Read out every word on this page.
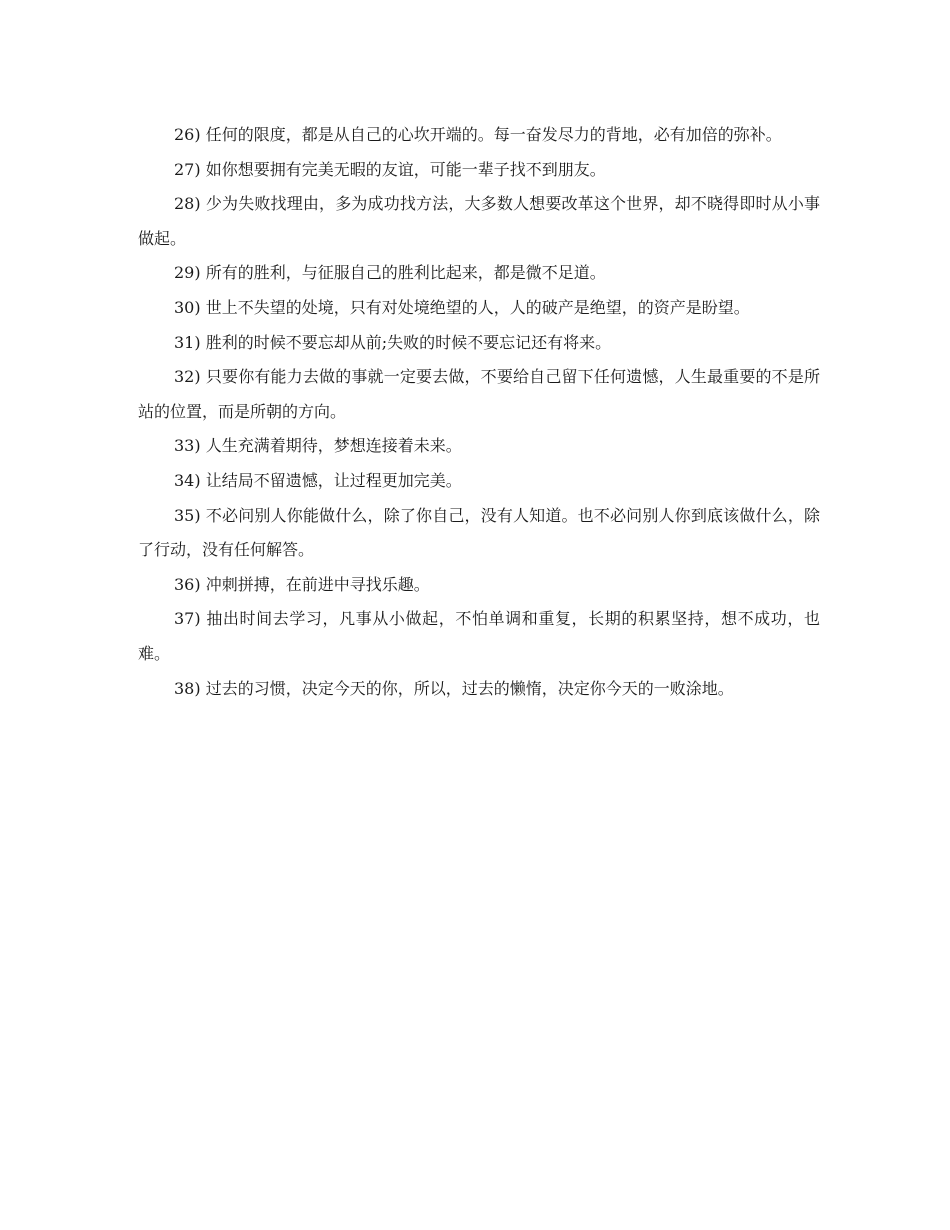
26) 任何的限度，都是从自己的心坎开端的。每一奋发尽力的背地，必有加倍的弥补。

27) 如你想要拥有完美无暇的友谊，可能一辈子找不到朋友。

28) 少为失败找理由，多为成功找方法，大多数人想要改革这个世界，却不晓得即时从小事做起。

29) 所有的胜利，与征服自己的胜利比起来，都是微不足道。

30) 世上不失望的处境，只有对处境绝望的人，人的破产是绝望，的资产是盼望。

31) 胜利的时候不要忘却从前;失败的时候不要忘记还有将来。

32) 只要你有能力去做的事就一定要去做，不要给自己留下任何遗憾，人生最重要的不是所站的位置，而是所朝的方向。

33) 人生充满着期待，梦想连接着未来。

34) 让结局不留遗憾，让过程更加完美。

35) 不必问别人你能做什么，除了你自己，没有人知道。也不必问别人你到底该做什么，除了行动，没有任何解答。

36) 冲刺拼搏，在前进中寻找乐趣。

37) 抽出时间去学习，凡事从小做起，不怕单调和重复，长期的积累坚持，想不成功，也难。

38) 过去的习惯，决定今天的你，所以，过去的懒惰，决定你今天的一败涂地。
